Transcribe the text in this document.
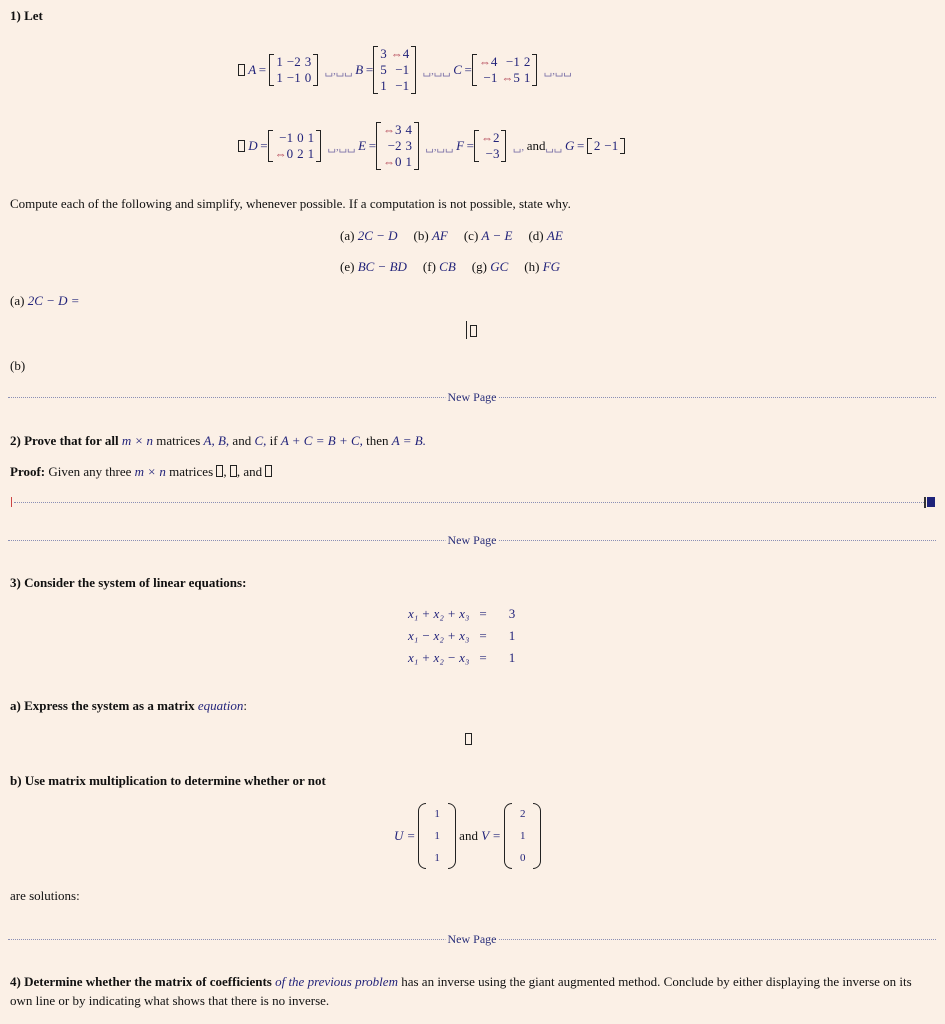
1) Let

A  =

1	−2	3
1	−1	0
␣,␣␣
  B  =
3	⇔4
5	−1
1	−1

␣,␣␣
  C  = ⇔4	−1	2
−1	⇔5	1
␣,␣␣

D  =
−1	0	1
⇔0	2	1
␣,␣␣
  E  =
⇔3	4
−2	3
⇔0	1

␣,␣␣
  F  = ⇔2
−3
␣,
  and ␣␣
  G  =
  2	−1
Compute each of the following and simplify, whenever possible. If a computation is not possible, state why.
(a) 2C − D (b) AF (c) A − E (d) AE
(e) BC − BD (f) CB (g) GC (h) FG
(a) 2C − D =
(b)
New Page
2) Prove that for all m × n matrices A, B, and C, if A + C = B + C, then A = B.
Proof: Given any three m × n matrices , , and
New Page
3) Consider the system of linear equations:
x₁ + x₂ + x₃	=	3
x₁ − x₂ + x₃	=	1
x₁ + x₂ − x₃	=	1
a) Express the system as a matrix equation:
b) Use matrix multiplication to determine whether or not
U =
1
1
1

and
V =
2
1
0
are solutions:
New Page
4) Determine whether the matrix of coefficients of the previous problem has an inverse using the giant augmented method. Conclude by either displaying the inverse on its own line or by indicating what shows that there is no inverse.
